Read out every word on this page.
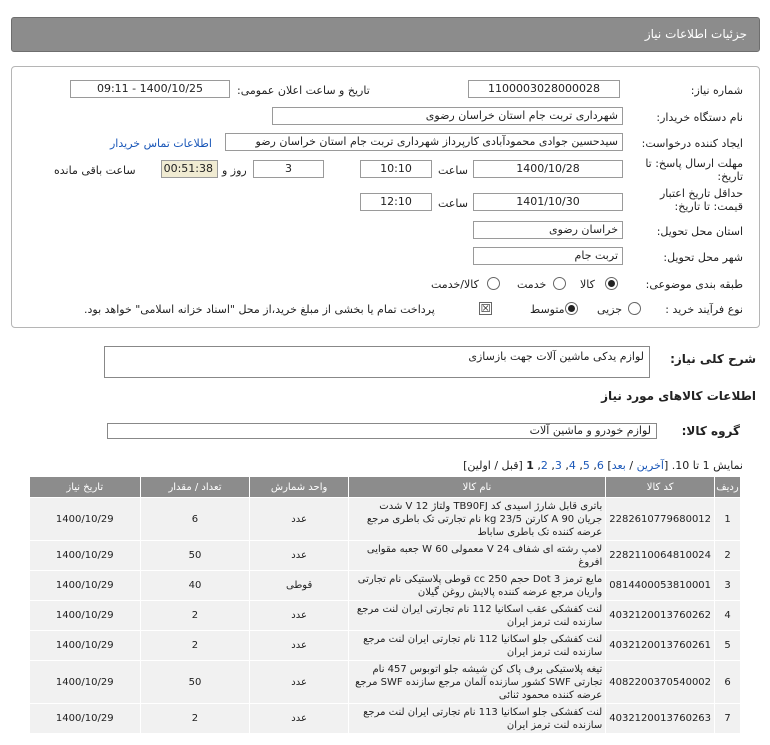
جزئیات اطلاعات نیاز
شماره نیاز:
1100003028000028
تاریخ و ساعت اعلان عمومی:
1400/10/25 - 09:11
نام دستگاه خریدار:
شهرداری تربت جام استان خراسان رضوی
ایجاد کننده درخواست:
سیدحسین جوادی محمودآبادی کارپرداز شهرداری تربت جام استان خراسان رضو
اطلاعات تماس خریدار
مهلت ارسال پاسخ: تا تاریخ:
1400/10/28
ساعت
10:10
3
روز و
00:51:38
ساعت باقی مانده
حداقل تاریخ اعتبار قیمت: تا تاریخ:
1401/10/30
ساعت
12:10
استان محل تحویل:
خراسان رضوی
شهر محل تحویل:
تربت جام
طبقه بندی موضوعی:
کالا
خدمت
کالا/خدمت
نوع فرآیند خرید :
جزیی
متوسط
☒
پرداخت تمام یا بخشی از مبلغ خرید،از محل "اسناد خزانه اسلامی" خواهد بود.
شرح کلی نیاز:
لوازم یدکی ماشین آلات جهت بازسازی
اطلاعات کالاهای مورد نیاز
گروه کالا:
لوازم خودرو و ماشین آلات
نمایش 1 تا 10. [آخرین / بعد] 6, 5, 4, 3, 2, 1 [قبل / اولین]
ردیف	کد کالا	نام کالا	واحد شمارش	تعداد / مقدار	تاریخ نیاز
1	2282610779680012	باتری قابل شارژ اسیدی کد TB90FJ ولتاژ 12 V شدت جریان 90 A کارتن 23/5 kg نام تجارتی تک باطری مرجع عرضه کننده تک باطری ساباط	عدد	6	1400/10/29
2	2282110064810024	لامپ رشته ای شفاف 24 V معمولی 60 W جعبه مقوایی افروغ	عدد	50	1400/10/29
3	0814400053810001	مایع ترمز Dot 3 حجم 250 cc قوطی پلاستیکی نام تجارتی واریان مرجع عرضه کننده پالایش روغن گیلان	قوطی	40	1400/10/29
4	4032120013760262	لنت کفشکی عقب اسکانیا 112 نام تجارتی ایران لنت مرجع سازنده لنت ترمز ایران	عدد	2	1400/10/29
5	4032120013760261	لنت کفشکی جلو اسکانیا 112 نام تجارتی ایران لنت مرجع سازنده لنت ترمز ایران	عدد	2	1400/10/29
6	4082200370540002	تیغه پلاستیکی برف پاک کن شیشه جلو اتوبوس 457 نام تجارتی SWF کشور سازنده آلمان مرجع سازنده SWF مرجع عرضه کننده محمود ثنائی	عدد	50	1400/10/29
7	4032120013760263	لنت کفشکی جلو اسکانیا 113 نام تجارتی ایران لنت مرجع سازنده لنت ترمز ایران	عدد	2	1400/10/29
